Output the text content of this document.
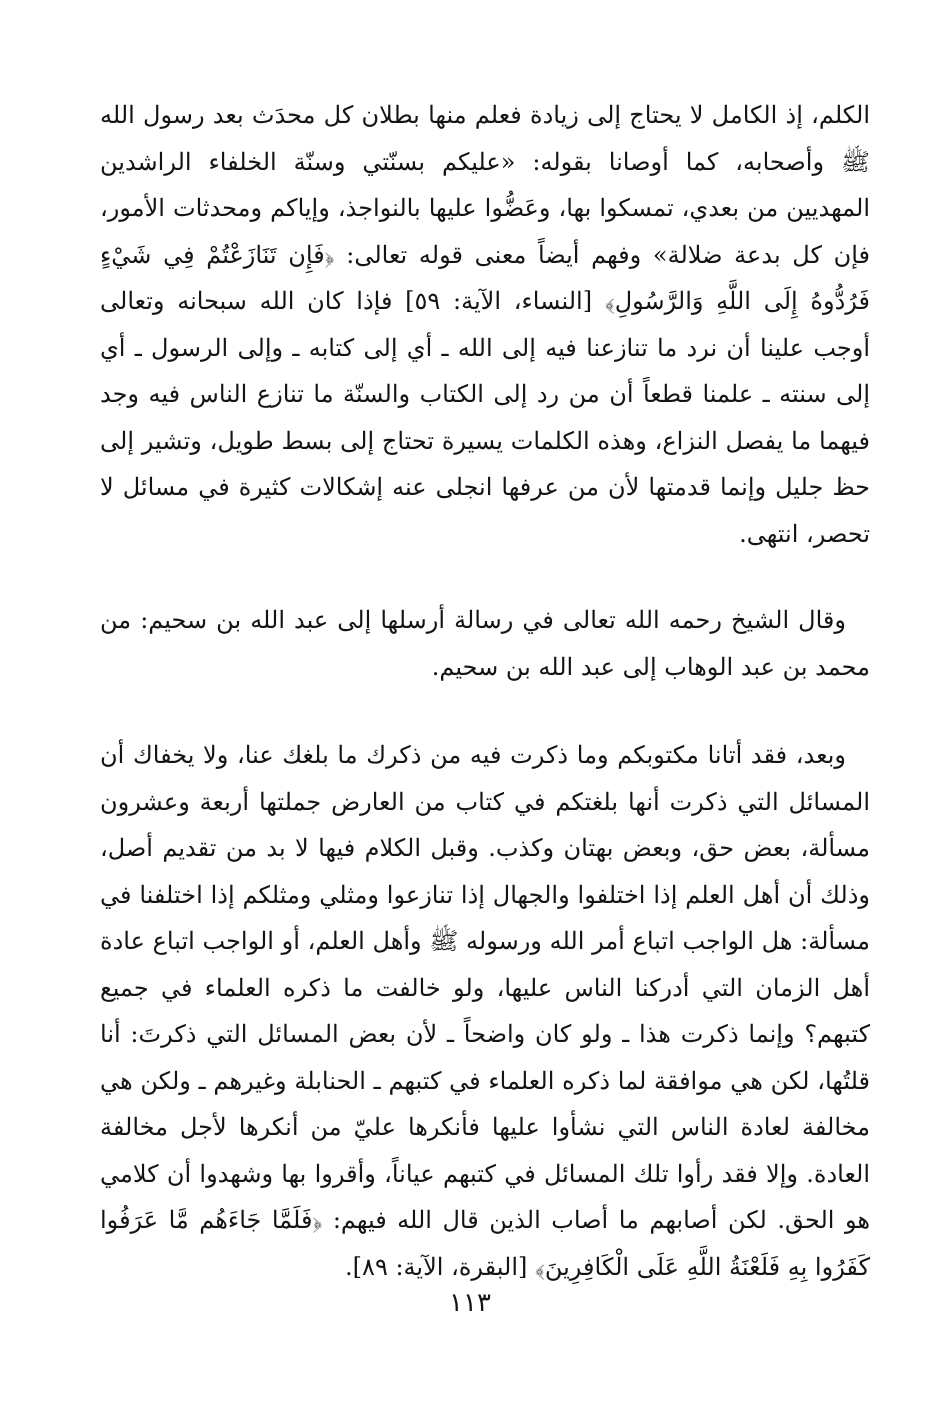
الكلم، إذ الكامل لا يحتاج إلى زيادة فعلم منها بطلان كل محدَث بعد رسول الله ﷺ وأصحابه، كما أوصانا بقوله: «عليكم بسنّتي وسنّة الخلفاء الراشدين المهديين من بعدي، تمسكوا بها، وعَضُّوا عليها بالنواجذ، وإياكم ومحدثات الأمور، فإن كل بدعة ضلالة» وفهم أيضاً معنى قوله تعالى: ﴿فَإِن تَنَازَعْتُمْ فِي شَيْءٍ فَرُدُّوهُ إِلَى اللَّهِ وَالرَّسُولِ﴾ [النساء، الآية: ٥٩] فإذا كان الله سبحانه وتعالى أوجب علينا أن نرد ما تنازعنا فيه إلى الله ـ أي إلى كتابه ـ وإلى الرسول ـ أي إلى سنته ـ علمنا قطعاً أن من رد إلى الكتاب والسنّة ما تنازع الناس فيه وجد فيهما ما يفصل النزاع، وهذه الكلمات يسيرة تحتاج إلى بسط طويل، وتشير إلى حظ جليل وإنما قدمتها لأن من عرفها انجلى عنه إشكالات كثيرة في مسائل لا تحصر، انتهى.

وقال الشيخ رحمه الله تعالى في رسالة أرسلها إلى عبد الله بن سحيم: من محمد بن عبد الوهاب إلى عبد الله بن سحيم.

وبعد، فقد أتانا مكتوبكم وما ذكرت فيه من ذكرك ما بلغك عنا، ولا يخفاك أن المسائل التي ذكرت أنها بلغتكم في كتاب من العارض جملتها أربعة وعشرون مسألة، بعض حق، وبعض بهتان وكذب. وقبل الكلام فيها لا بد من تقديم أصل، وذلك أن أهل العلم إذا اختلفوا والجهال إذا تنازعوا ومثلي ومثلكم إذا اختلفنا في مسألة: هل الواجب اتباع أمر الله ورسوله ﷺ وأهل العلم، أو الواجب اتباع عادة أهل الزمان التي أدركنا الناس عليها، ولو خالفت ما ذكره العلماء في جميع كتبهم؟ وإنما ذكرت هذا ـ ولو كان واضحاً ـ لأن بعض المسائل التي ذكرتَ: أنا قلتُها، لكن هي موافقة لما ذكره العلماء في كتبهم ـ الحنابلة وغيرهم ـ ولكن هي مخالفة لعادة الناس التي نشأوا عليها فأنكرها عليّ من أنكرها لأجل مخالفة العادة. وإلا فقد رأوا تلك المسائل في كتبهم عياناً، وأقروا بها وشهدوا أن كلامي هو الحق. لكن أصابهم ما أصاب الذين قال الله فيهم: ﴿فَلَمَّا جَاءَهُم مَّا عَرَفُوا كَفَرُوا بِهِ فَلَعْنَةُ اللَّهِ عَلَى الْكَافِرِينَ﴾ [البقرة، الآية: ٨٩].

١١٣
